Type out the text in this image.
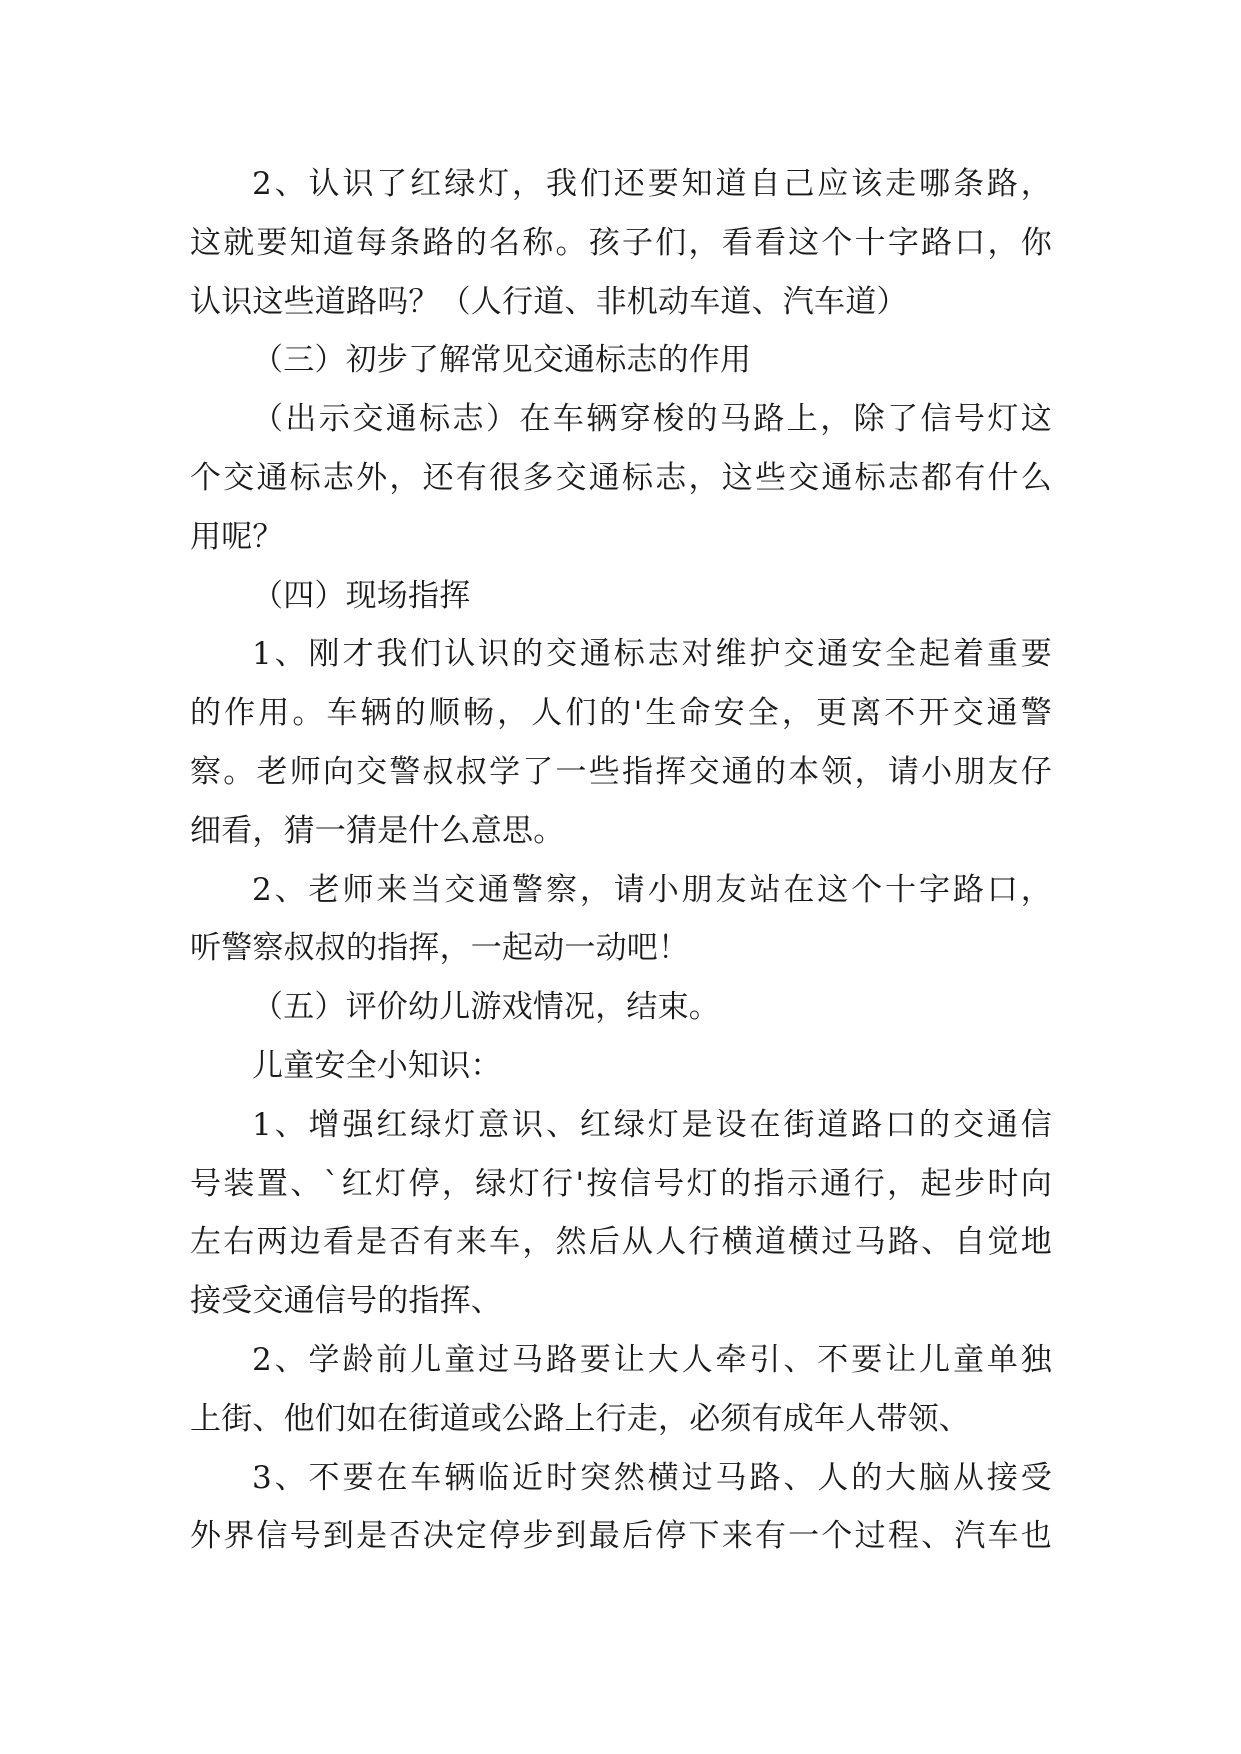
2、认识了红绿灯，我们还要知道自己应该走哪条路，
这就要知道每条路的名称。孩子们，看看这个十字路口，你
认识这些道路吗？（人行道、非机动车道、汽车道）
（三）初步了解常见交通标志的作用
（出示交通标志）在车辆穿梭的马路上，除了信号灯这
个交通标志外，还有很多交通标志，这些交通标志都有什么
用呢？
（四）现场指挥
1、刚才我们认识的交通标志对维护交通安全起着重要
的作用。车辆的顺畅，人们的'生命安全，更离不开交通警
察。老师向交警叔叔学了一些指挥交通的本领，请小朋友仔
细看，猜一猜是什么意思。
2、老师来当交通警察，请小朋友站在这个十字路口，
听警察叔叔的指挥，一起动一动吧！
（五）评价幼儿游戏情况，结束。
儿童安全小知识：
1、增强红绿灯意识、红绿灯是设在街道路口的交通信
号装置、`红灯停，绿灯行'按信号灯的指示通行，起步时向
左右两边看是否有来车，然后从人行横道横过马路、自觉地
接受交通信号的指挥、
2、学龄前儿童过马路要让大人牵引、不要让儿童单独
上街、他们如在街道或公路上行走，必须有成年人带领、
3、不要在车辆临近时突然横过马路、人的大脑从接受
外界信号到是否决定停步到最后停下来有一个过程、汽车也
